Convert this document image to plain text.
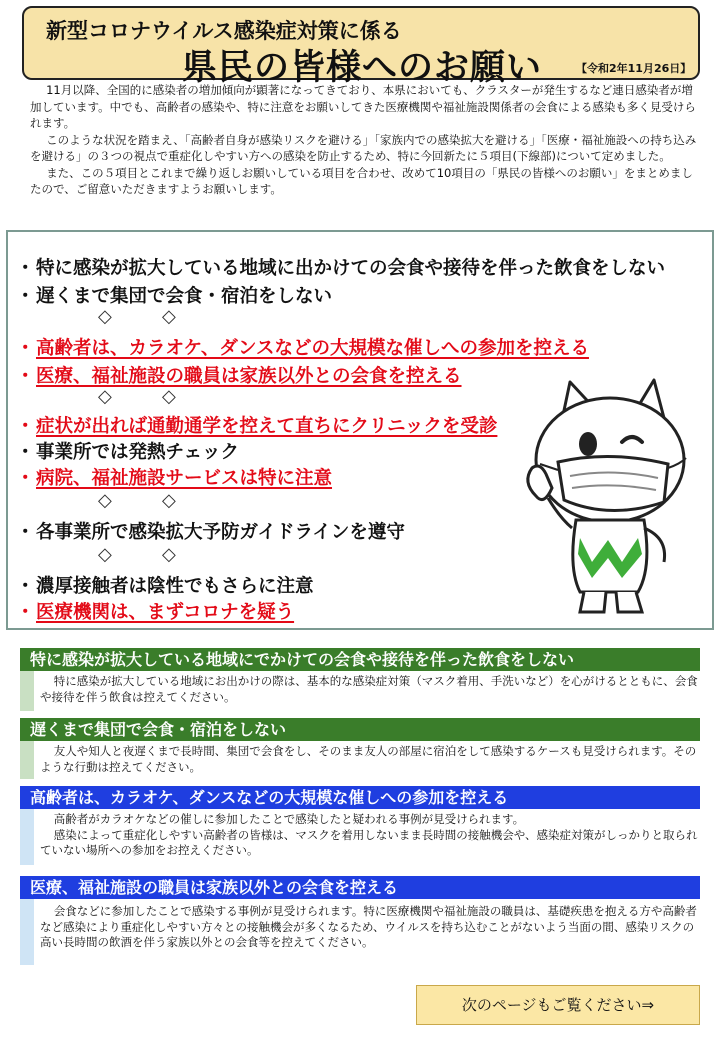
新型コロナウイルス感染症対策に係る
県民の皆様へのお願い	【令和2年11月26日】

11月以降、全国的に感染者の増加傾向が顕著になってきており、本県においても、クラスターが発生するなど連日感染者が増加しています。中でも、高齢者の感染や、特に注意をお願いしてきた医療機関や福祉施設関係者の会食による感染も多く見受けられます。

このような状況を踏まえ、「高齢者自身が感染リスクを避ける」「家族内での感染拡大を避ける」「医療・福祉施設への持ち込みを避ける」の３つの視点で重症化しやすい方への感染を防止するため、特に今回新たに５項目(下線部)について定めました。

また、この５項目とこれまで繰り返しお願いしている項目を合わせ、改めて10項目の「県民の皆様へのお願い」をまとめましたので、ご留意いただきますようお願いします。

・特に感染が拡大している地域に出かけての会食や接待を伴った飲食をしない
・遅くまで集団で会食・宿泊をしない
◇	◇
・高齢者は、カラオケ、ダンスなどの大規模な催しへの参加を控える
・医療、福祉施設の職員は家族以外との会食を控える
◇	◇
・症状が出れば通勤通学を控えて直ちにクリニックを受診
・事業所では発熱チェック
・病院、福祉施設サービスは特に注意
◇	◇
・各事業所で感染拡大予防ガイドラインを遵守
◇	◇
・濃厚接触者は陰性でもさらに注意
・医療機関は、まずコロナを疑う
特に感染が拡大している地域にでかけての会食や接待を伴った飲食をしない

特に感染が拡大している地域にお出かけの際は、基本的な感染症対策（マスク着用、手洗いなど）を心がけるとともに、会食や接待を伴う飲食は控えてください。

遅くまで集団で会食・宿泊をしない

友人や知人と夜遅くまで長時間、集団で会食をし、そのまま友人の部屋に宿泊をして感染するケースも見受けられます。そのような行動は控えてください。

高齢者は、カラオケ、ダンスなどの大規模な催しへの参加を控える

高齢者がカラオケなどの催しに参加したことで感染したと疑われる事例が見受けられます。

感染によって重症化しやすい高齢者の皆様は、マスクを着用しないまま長時間の接触機会や、感染症対策がしっかりと取られていない場所への参加をお控えください。

医療、福祉施設の職員は家族以外との会食を控える

会食などに参加したことで感染する事例が見受けられます。特に医療機関や福祉施設の職員は、基礎疾患を抱える方や高齢者など感染により重症化しやすい方々との接触機会が多くなるため、ウイルスを持ち込むことがないよう当面の間、感染リスクの高い長時間の飲酒を伴う家族以外との会食等を控えてください。

次のページもご覧ください⇒
